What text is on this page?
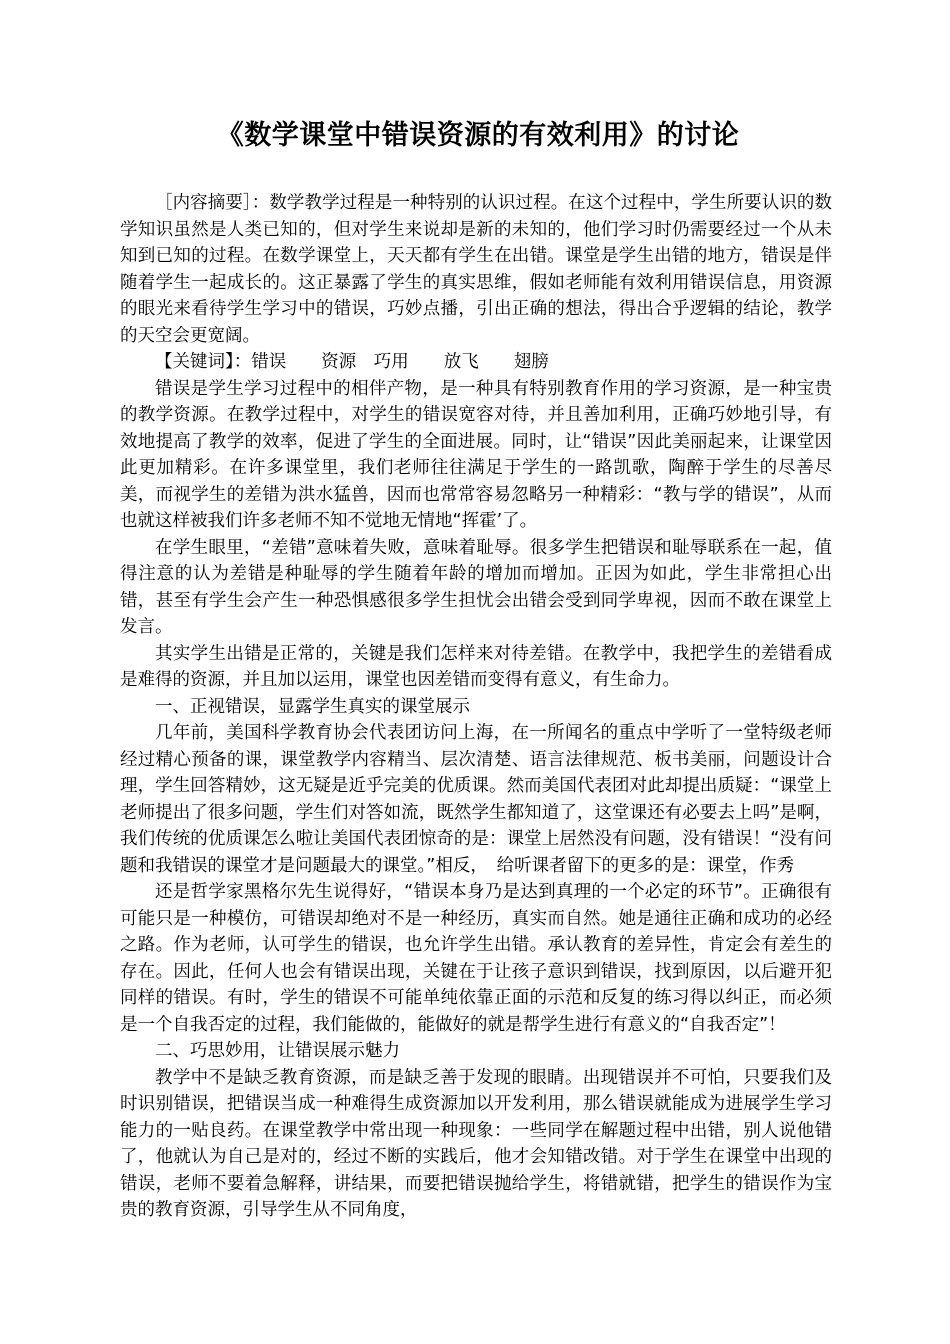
《数学课堂中错误资源的有效利用》的讨论

［内容摘要］：数学教学过程是一种特别的认识过程。在这个过程中，学生所要认识的数学知识虽然是人类已知的，但对学生来说却是新的未知的，他们学习时仍需要经过一个从未知到已知的过程。在数学课堂上，天天都有学生在出错。课堂是学生出错的地方，错误是伴随着学生一起成长的。这正暴露了学生的真实思维，假如老师能有效利用错误信息，用资源的眼光来看待学生学习中的错误，巧妙点播，引出正确的想法，得出合乎逻辑的结论，教学的天空会更宽阔。

【关键词】：错误　　资源　巧用　　放飞　　翅膀

错误是学生学习过程中的相伴产物，是一种具有特别教育作用的学习资源，是一种宝贵的教学资源。在教学过程中，对学生的错误宽容对待，并且善加利用，正确巧妙地引导，有效地提高了教学的效率，促进了学生的全面进展。同时，让“错误”因此美丽起来，让课堂因此更加精彩。在许多课堂里，我们老师往往满足于学生的一路凯歌，陶醉于学生的尽善尽美，而视学生的差错为洪水猛兽，因而也常常容易忽略另一种精彩：“教与学的错误”，从而也就这样被我们许多老师不知不觉地无情地“挥霍’了。

在学生眼里，“差错”意味着失败，意味着耻辱。很多学生把错误和耻辱联系在一起，值得注意的认为差错是种耻辱的学生随着年龄的增加而增加。正因为如此，学生非常担心出错，甚至有学生会产生一种恐惧感很多学生担忧会出错会受到同学卑视，因而不敢在课堂上发言。

其实学生出错是正常的，关键是我们怎样来对待差错。在教学中，我把学生的差错看成是难得的资源，并且加以运用，课堂也因差错而变得有意义，有生命力。

一、正视错误，显露学生真实的课堂展示

几年前，美国科学教育协会代表团访问上海，在一所闻名的重点中学听了一堂特级老师经过精心预备的课，课堂教学内容精当、层次清楚、语言法律规范、板书美丽，问题设计合理，学生回答精妙，这无疑是近乎完美的优质课。然而美国代表团对此却提出质疑：“课堂上老师提出了很多问题，学生们对答如流，既然学生都知道了，这堂课还有必要去上吗”是啊，我们传统的优质课怎么啦让美国代表团惊奇的是：课堂上居然没有问题，没有错误！“没有问题和我错误的课堂才是问题最大的课堂。”相反，　给听课者留下的更多的是：课堂，作秀

还是哲学家黑格尔先生说得好，“错误本身乃是达到真理的一个必定的环节”。正确很有可能只是一种模仿，可错误却绝对不是一种经历，真实而自然。她是通往正确和成功的必经之路。作为老师，认可学生的错误，也允许学生出错。承认教育的差异性，肯定会有差生的存在。因此，任何人也会有错误出现，关键在于让孩子意识到错误，找到原因，以后避开犯同样的错误。有时，学生的错误不可能单纯依靠正面的示范和反复的练习得以纠正，而必须是一个自我否定的过程，我们能做的，能做好的就是帮学生进行有意义的“自我否定”！

二、巧思妙用，让错误展示魅力

教学中不是缺乏教育资源，而是缺乏善于发现的眼睛。出现错误并不可怕，只要我们及时识别错误，把错误当成一种难得生成资源加以开发利用，那么错误就能成为进展学生学习能力的一贴良药。在课堂教学中常出现一种现象：一些同学在解题过程中出错，别人说他错了，他就认为自己是对的，经过不断的实践后，他才会知错改错。对于学生在课堂中出现的错误，老师不要着急解释，讲结果，而要把错误抛给学生，将错就错，把学生的错误作为宝贵的教育资源，引导学生从不同角度，
